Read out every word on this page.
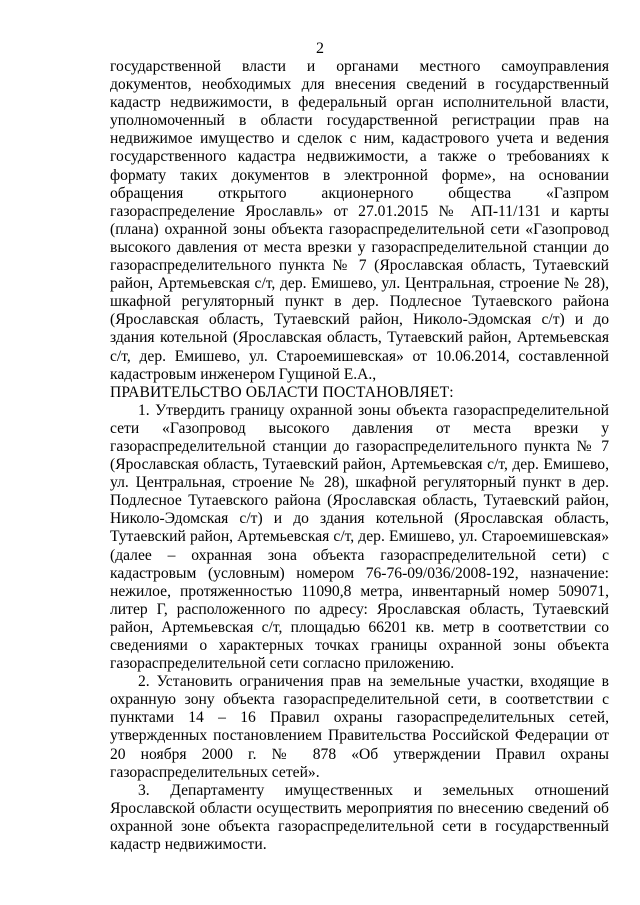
2

государственной власти и органами местного самоуправления документов, необходимых для внесения сведений в государственный кадастр недвижимости, в федеральный орган исполнительной власти, уполномоченный в области государственной регистрации прав на недвижимое имущество и сделок с ним, кадастрового учета и ведения государственного кадастра недвижимости, а также о требованиях к формату таких документов в электронной форме», на основании обращения открытого акционерного общества «Газпром газораспределение Ярославль» от 27.01.2015 № АП-11/131 и карты (плана) охранной зоны объекта газораспределительной сети «Газопровод высокого давления от места врезки у газораспределительной станции до газораспределительного пункта № 7 (Ярославская область, Тутаевский район, Артемьевская с/т, дер. Емишево, ул. Центральная, строение № 28), шкафной регуляторный пункт в дер. Подлесное Тутаевского района (Ярославская область, Тутаевский район, Николо-Эдомская с/т) и до здания котельной (Ярославская область, Тутаевский район, Артемьевская с/т, дер. Емишево, ул. Староемишевская» от 10.06.2014, составленной кадастровым инженером Гущиной Е.А.,

ПРАВИТЕЛЬСТВО ОБЛАСТИ ПОСТАНОВЛЯЕТ:

1. Утвердить границу охранной зоны объекта газораспределительной сети «Газопровод высокого давления от места врезки у газораспределительной станции до газораспределительного пункта № 7 (Ярославская область, Тутаевский район, Артемьевская с/т, дер. Емишево, ул. Центральная, строение № 28), шкафной регуляторный пункт в дер. Подлесное Тутаевского района (Ярославская область, Тутаевский район, Николо-Эдомская с/т) и до здания котельной (Ярославская область, Тутаевский район, Артемьевская с/т, дер. Емишево, ул. Староемишевская» (далее – охранная зона объекта газораспределительной сети) с кадастровым (условным) номером 76-76-09/036/2008-192, назначение: нежилое, протяженностью 11090,8 метра, инвентарный номер 509071, литер Г, расположенного по адресу: Ярославская область, Тутаевский район, Артемьевская с/т, площадью 66201 кв. метр в соответствии со сведениями о характерных точках границы охранной зоны объекта газораспределительной сети согласно приложению.

2. Установить ограничения прав на земельные участки, входящие в охранную зону объекта газораспределительной сети, в соответствии с пунктами 14 – 16 Правил охраны газораспределительных сетей, утвержденных постановлением Правительства Российской Федерации от 20 ноября 2000 г. № 878 «Об утверждении Правил охраны газораспределительных сетей».

3. Департаменту имущественных и земельных отношений Ярославской области осуществить мероприятия по внесению сведений об охранной зоне объекта газораспределительной сети в государственный кадастр недвижимости.
